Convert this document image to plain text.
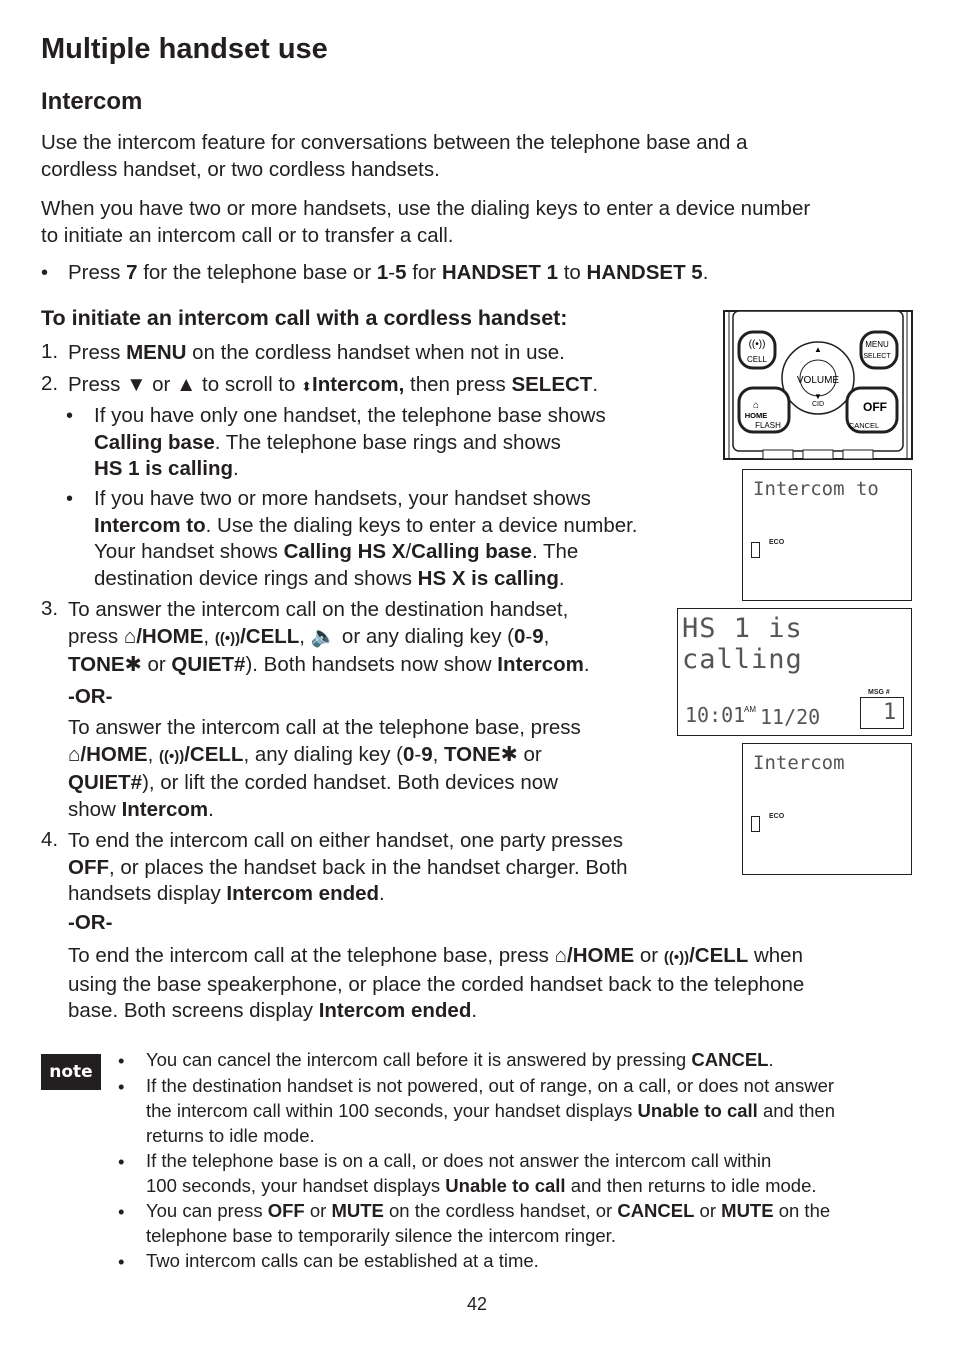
Multiple handset use
Intercom
Use the intercom feature for conversations between the telephone base and a
cordless handset, or two cordless handsets.
When you have two or more handsets, use the dialing keys to enter a device number
to initiate an intercom call or to transfer a call.
• Press 7 for the telephone base or 1-5 for HANDSET 1 to HANDSET 5.
To initiate an intercom call with a cordless handset:
1. Press MENU on the cordless handset when not in use.
2. Press ▼ or ▲ to scroll to ⬍Intercom, then press SELECT.
• If you have only one handset, the telephone base shows
Calling base. The telephone base rings and shows
HS 1 is calling.
• If you have two or more handsets, your handset shows
Intercom to. Use the dialing keys to enter a device number.
Your handset shows Calling HS X/Calling base. The
destination device rings and shows HS X is calling.
3. To answer the intercom call on the destination handset,
press ⌂/HOME, ((•))/CELL, 🔈 or any dialing key (0-9,
TONE✱ or QUIET#). Both handsets now show Intercom.
-OR-
To answer the intercom call at the telephone base, press
⌂/HOME, ((•))/CELL, any dialing key (0-9, TONE✱ or
QUIET#), or lift the corded handset. Both devices now
show Intercom.
4. To end the intercom call on either handset, one party presses
OFF, or places the handset back in the handset charger. Both
handsets display Intercom ended.
-OR-
To end the intercom call at the telephone base, press ⌂/HOME or ((•))/CELL when
using the base speakerphone, or place the corded handset back to the telephone
base. Both screens display Intercom ended.
((•))
CELL
MENU
SELECT
▲
VOLUME
▼
CID
⌂
HOME
FLASH
OFF
CANCEL
Intercom to
ECO
HS 1 is calling
10:01
AM 11/20
MSG #
1
Intercom
ECO
note
• You can cancel the intercom call before it is answered by pressing CANCEL.
• If the destination handset is not powered, out of range, on a call, or does not answer
the intercom call within 100 seconds, your handset displays Unable to call and then
returns to idle mode.
• If the telephone base is on a call, or does not answer the intercom call within
100 seconds, your handset displays Unable to call and then returns to idle mode.
• You can press OFF or MUTE on the cordless handset, or CANCEL or MUTE on the
telephone base to temporarily silence the intercom ringer.
• Two intercom calls can be established at a time.
42
